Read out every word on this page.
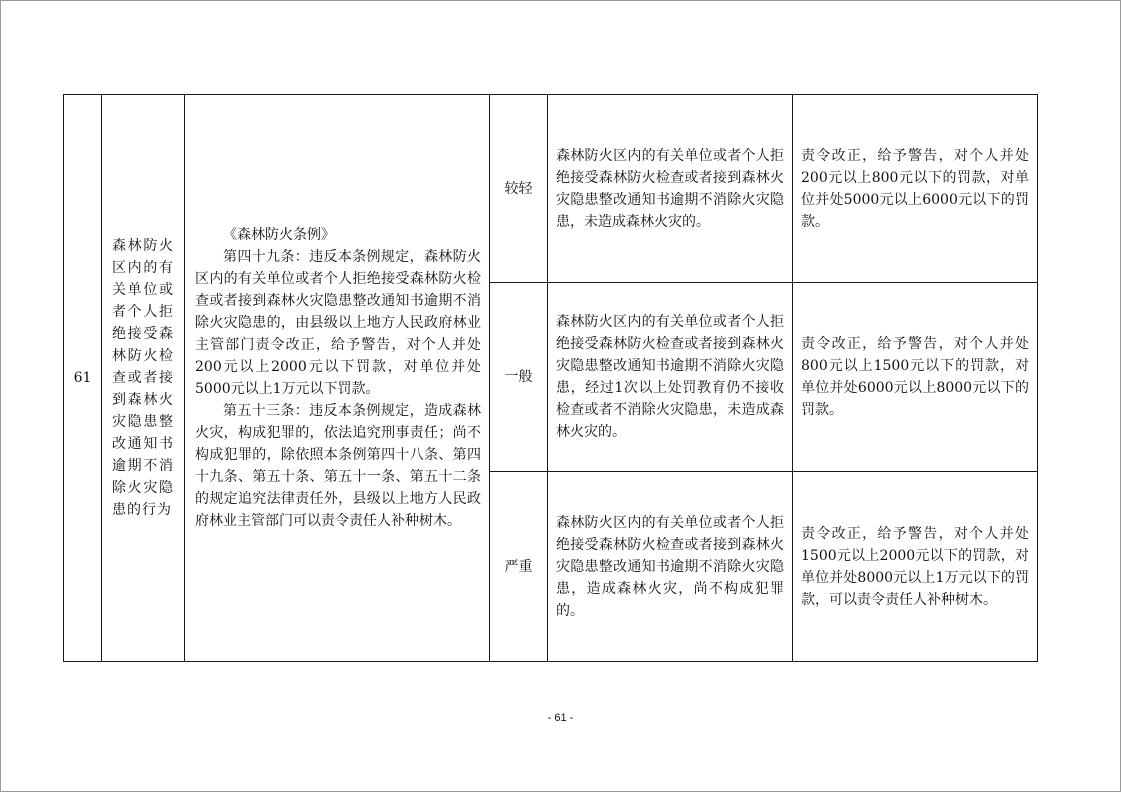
61	森林防火区内的有关单位或者个人拒绝接受森林防火检查或者接到森林火灾隐患整改通知书逾期不消除火灾隐患的行为	《森林防火条例》

第四十九条：违反本条例规定，森林防火区内的有关单位或者个人拒绝接受森林防火检查或者接到森林火灾隐患整改通知书逾期不消除火灾隐患的，由县级以上地方人民政府林业主管部门责令改正，给予警告，对个人并处200元以上2000元以下罚款，对单位并处5000元以上1万元以下罚款。

第五十三条：违反本条例规定，造成森林火灾，构成犯罪的，依法追究刑事责任；尚不构成犯罪的，除依照本条例第四十八条、第四十九条、第五十条、第五十一条、第五十二条的规定追究法律责任外，县级以上地方人民政府林业主管部门可以责令责任人补种树木。	较轻	森林防火区内的有关单位或者个人拒绝接受森林防火检查或者接到森林火灾隐患整改通知书逾期不消除火灾隐患，未造成森林火灾的。	责令改正，给予警告，对个人并处200元以上800元以下的罚款，对单位并处5000元以上6000元以下的罚款。
			一般	森林防火区内的有关单位或者个人拒绝接受森林防火检查或者接到森林火灾隐患整改通知书逾期不消除火灾隐患，经过1次以上处罚教育仍不接收检查或者不消除火灾隐患，未造成森林火灾的。	责令改正，给予警告，对个人并处800元以上1500元以下的罚款，对单位并处6000元以上8000元以下的罚款。
			严重	森林防火区内的有关单位或者个人拒绝接受森林防火检查或者接到森林火灾隐患整改通知书逾期不消除火灾隐患，造成森林火灾，尚不构成犯罪的。	责令改正，给予警告，对个人并处1500元以上2000元以下的罚款，对单位并处8000元以上1万元以下的罚款，可以责令责任人补种树木。
- 61 -
